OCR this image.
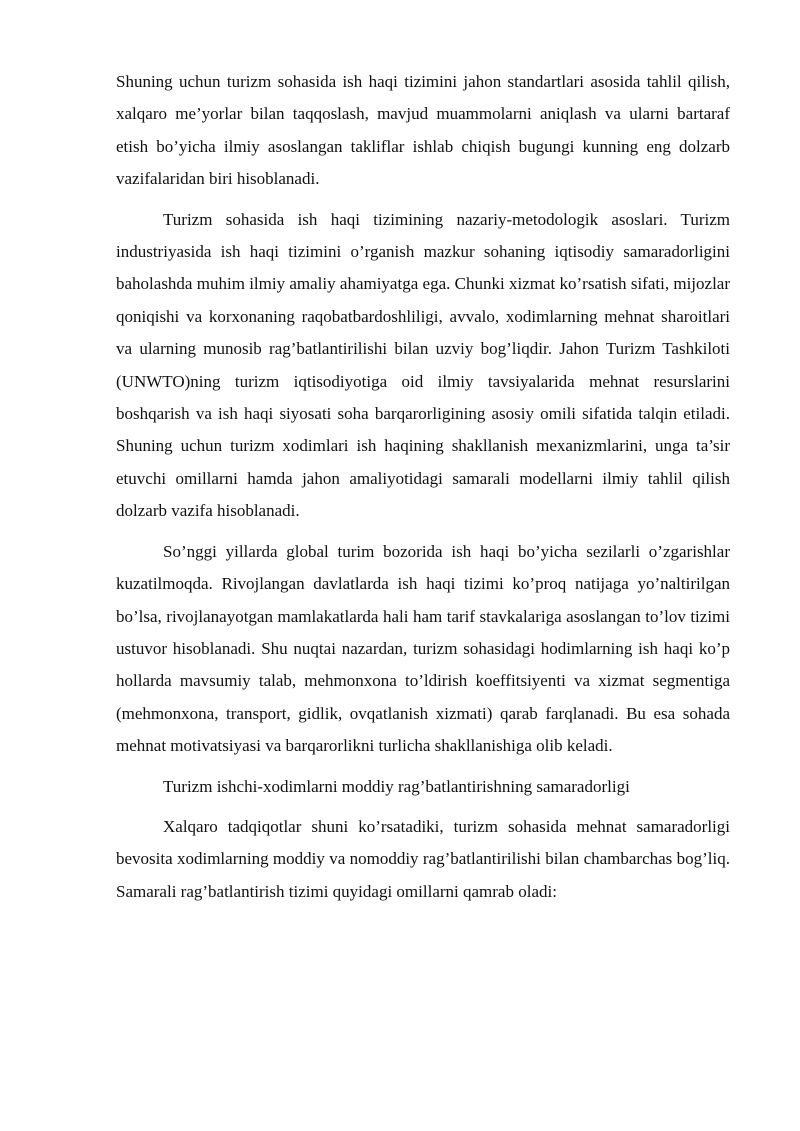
Shuning uchun turizm sohasida ish haqi tizimini jahon standartlari asosida tahlil qilish, xalqaro me’yorlar bilan taqqoslash, mavjud muammolarni aniqlash va ularni bartaraf etish bo’yicha ilmiy asoslangan takliflar ishlab chiqish bugungi kunning eng dolzarb vazifalaridan biri hisoblanadi.

Turizm sohasida ish haqi tizimining nazariy-metodologik asoslari. Turizm industriyasida ish haqi tizimini o’rganish mazkur sohaning iqtisodiy samaradorligini baholashda muhim ilmiy amaliy ahamiyatga ega. Chunki xizmat ko’rsatish sifati, mijozlar qoniqishi va korxonaning raqobatbardoshliligi, avvalo, xodimlarning mehnat sharoitlari va ularning munosib rag’batlantirilishi bilan uzviy bog’liqdir. Jahon Turizm Tashkiloti (UNWTO)ning turizm iqtisodiyotiga oid ilmiy tavsiyalarida mehnat resurslarini boshqarish va ish haqi siyosati soha barqarorligining asosiy omili sifatida talqin etiladi. Shuning uchun turizm xodimlari ish haqining shakllanish mexanizmlarini, unga ta’sir etuvchi omillarni hamda jahon amaliyotidagi samarali modellarni ilmiy tahlil qilish dolzarb vazifa hisoblanadi.

So’nggi yillarda global turim bozorida ish haqi bo’yicha sezilarli o’zgarishlar kuzatilmoqda. Rivojlangan davlatlarda ish haqi tizimi ko’proq natijaga yo’naltirilgan bo’lsa, rivojlanayotgan mamlakatlarda hali ham tarif stavkalariga asoslangan to’lov tizimi ustuvor hisoblanadi. Shu nuqtai nazardan, turizm sohasidagi hodimlarning ish haqi ko’p hollarda mavsumiy talab, mehmonxona to’ldirish koeffitsiyenti va xizmat segmentiga (mehmonxona, transport, gidlik, ovqatlanish xizmati) qarab farqlanadi. Bu esa sohada mehnat motivatsiyasi va barqarorlikni turlicha shakllanishiga olib keladi.

Turizm ishchi-xodimlarni moddiy rag’batlantirishning samaradorligi

Xalqaro tadqiqotlar shuni ko’rsatadiki, turizm sohasida mehnat samaradorligi bevosita xodimlarning moddiy va nomoddiy rag’batlantirilishi bilan chambarchas bog’liq. Samarali rag’batlantirish tizimi quyidagi omillarni qamrab oladi:
